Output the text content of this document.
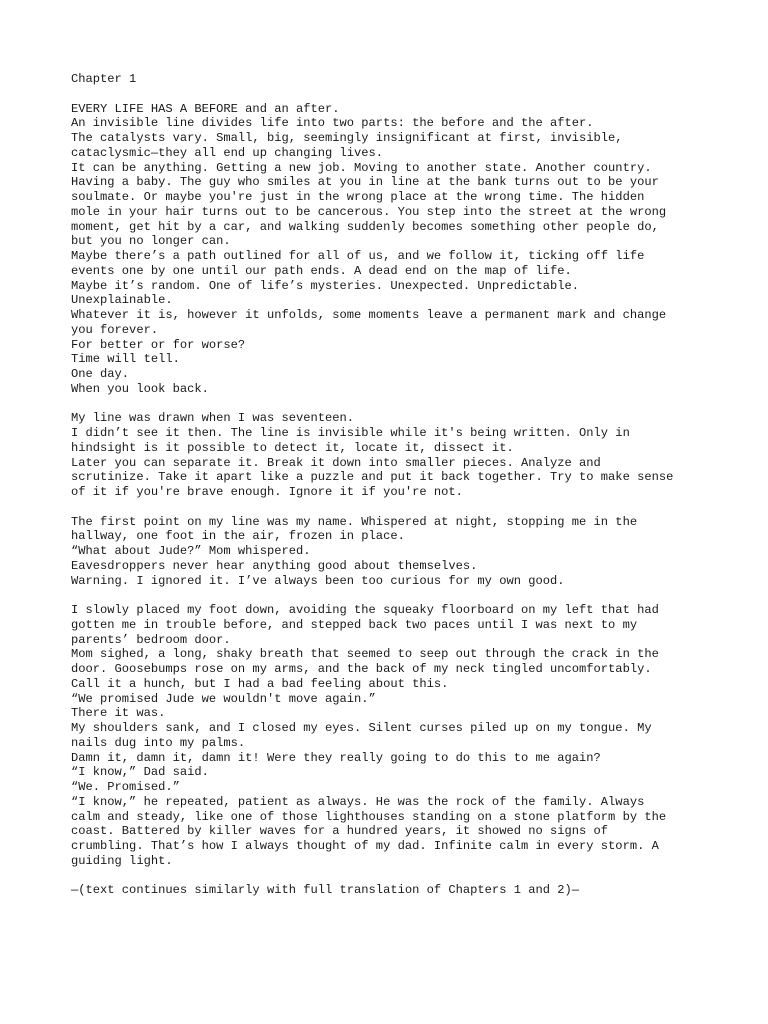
Chapter 1
EVERY LIFE HAS A BEFORE and an after.
An invisible line divides life into two parts: the before and the after.
The catalysts vary. Small, big, seemingly insignificant at first, invisible,
cataclysmic—they all end up changing lives.
It can be anything. Getting a new job. Moving to another state. Another country.
Having a baby. The guy who smiles at you in line at the bank turns out to be your
soulmate. Or maybe you're just in the wrong place at the wrong time. The hidden
mole in your hair turns out to be cancerous. You step into the street at the wrong
moment, get hit by a car, and walking suddenly becomes something other people do,
but you no longer can.
Maybe there’s a path outlined for all of us, and we follow it, ticking off life
events one by one until our path ends. A dead end on the map of life.
Maybe it’s random. One of life’s mysteries. Unexpected. Unpredictable.
Unexplainable.
Whatever it is, however it unfolds, some moments leave a permanent mark and change
you forever.
For better or for worse?
Time will tell.
One day.
When you look back.
My line was drawn when I was seventeen.
I didn’t see it then. The line is invisible while it's being written. Only in
hindsight is it possible to detect it, locate it, dissect it.
Later you can separate it. Break it down into smaller pieces. Analyze and
scrutinize. Take it apart like a puzzle and put it back together. Try to make sense
of it if you're brave enough. Ignore it if you're not.
The first point on my line was my name. Whispered at night, stopping me in the
hallway, one foot in the air, frozen in place.
“What about Jude?” Mom whispered.
Eavesdroppers never hear anything good about themselves.
Warning. I ignored it. I’ve always been too curious for my own good.
I slowly placed my foot down, avoiding the squeaky floorboard on my left that had
gotten me in trouble before, and stepped back two paces until I was next to my
parents’ bedroom door.
Mom sighed, a long, shaky breath that seemed to seep out through the crack in the
door. Goosebumps rose on my arms, and the back of my neck tingled uncomfortably.
Call it a hunch, but I had a bad feeling about this.
“We promised Jude we wouldn't move again.”
There it was.
My shoulders sank, and I closed my eyes. Silent curses piled up on my tongue. My
nails dug into my palms.
Damn it, damn it, damn it! Were they really going to do this to me again?
“I know,” Dad said.
“We. Promised.”
“I know,” he repeated, patient as always. He was the rock of the family. Always
calm and steady, like one of those lighthouses standing on a stone platform by the
coast. Battered by killer waves for a hundred years, it showed no signs of
crumbling. That’s how I always thought of my dad. Infinite calm in every storm. A
guiding light.
—(text continues similarly with full translation of Chapters 1 and 2)—
